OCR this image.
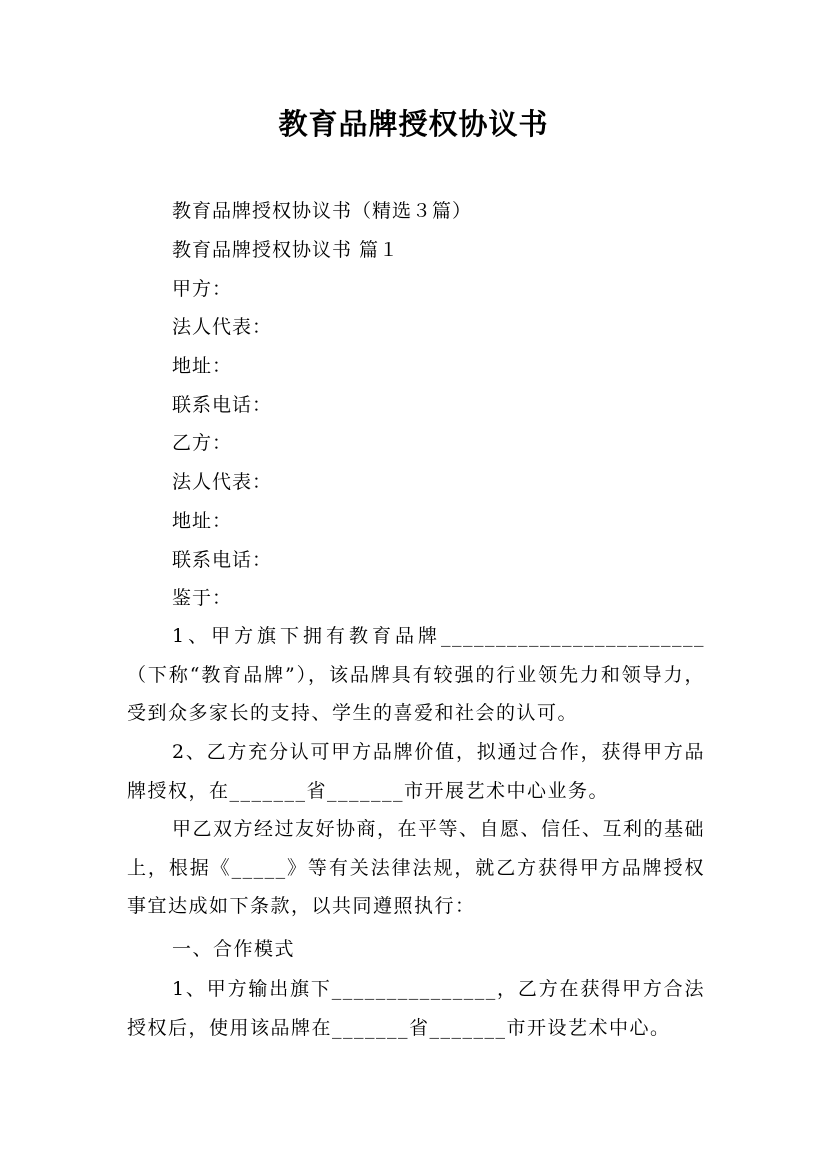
教育品牌授权协议书
教育品牌授权协议书（精选３篇）
教育品牌授权协议书 篇１
甲方：
法人代表：
地址：
联系电话：
乙方：
法人代表：
地址：
联系电话：
鉴于：
1、甲方旗下拥有教育品牌________________________（下称“教育品牌”），该品牌具有较强的行业领先力和领导力，受到众多家长的支持、学生的喜爱和社会的认可。
2、乙方充分认可甲方品牌价值，拟通过合作，获得甲方品牌授权，在_______省_______市开展艺术中心业务。
甲乙双方经过友好协商，在平等、自愿、信任、互利的基础上，根据《_____》等有关法律法规，就乙方获得甲方品牌授权事宜达成如下条款，以共同遵照执行：
一、合作模式
1、甲方输出旗下_______________，乙方在获得甲方合法授权后，使用该品牌在_______省_______市开设艺术中心。
